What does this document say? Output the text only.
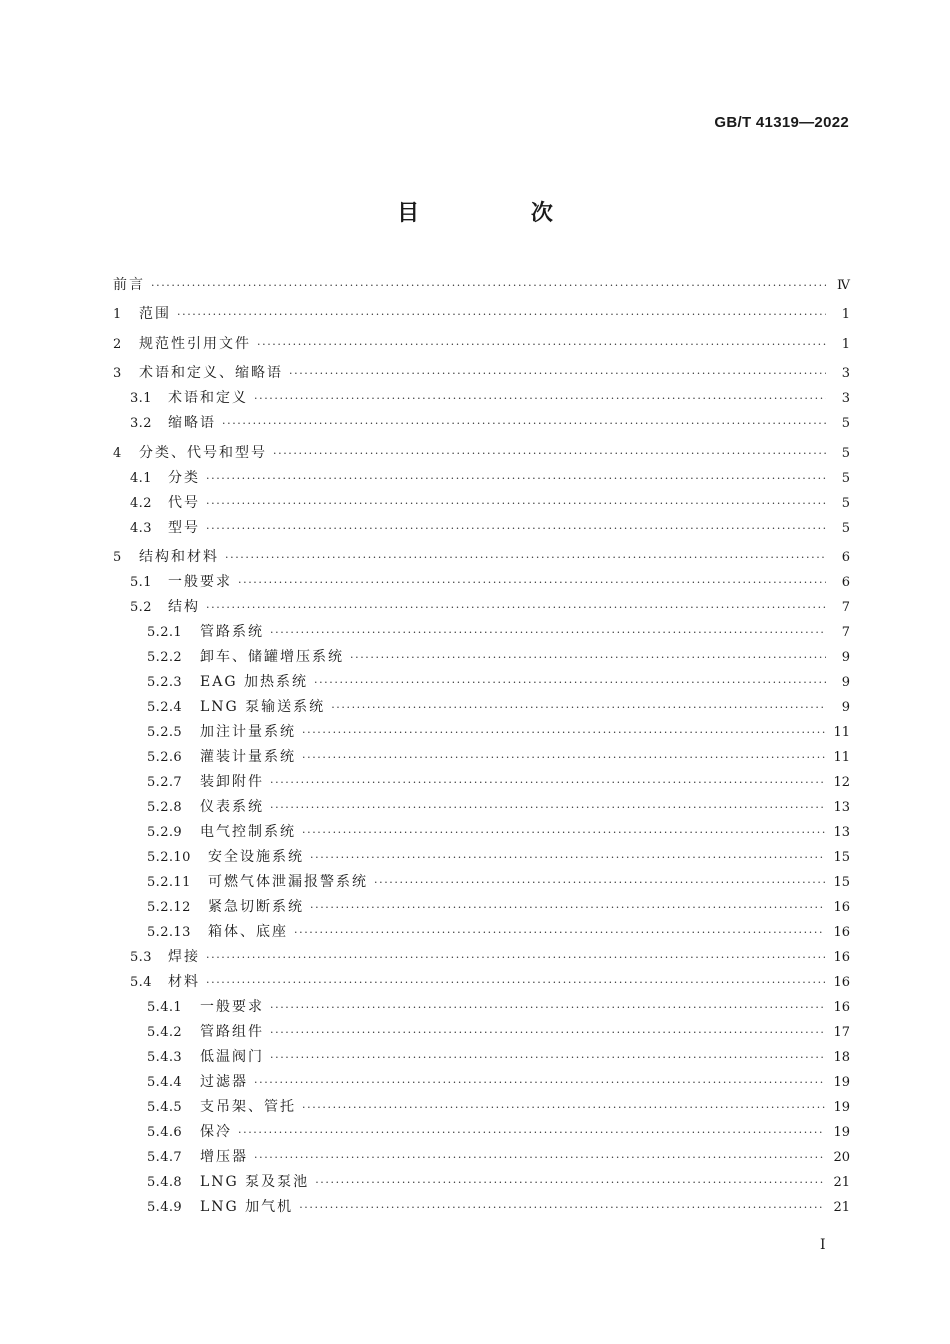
GB/T 41319—2022
目 次
前言 ·····	Ⅳ
1	范围 ·····	1
2	规范性引用文件 ·····	1
3	术语和定义、缩略语 ·····	3
3.1	术语和定义 ·····	3
3.2	缩略语 ·····	5
4	分类、代号和型号 ·····	5
4.1	分类 ·····	5
4.2	代号 ·····	5
4.3	型号 ·····	5
5	结构和材料 ·····	6
5.1	一般要求 ·····	6
5.2	结构 ·····	7
5.2.1	管路系统 ·····	7
5.2.2	卸车、储罐增压系统 ·····	9
5.2.3	EAG 加热系统 ·····	9
5.2.4	LNG 泵输送系统 ·····	9
5.2.5	加注计量系统 ·····	11
5.2.6	灌装计量系统 ·····	11
5.2.7	装卸附件 ·····	12
5.2.8	仪表系统 ·····	13
5.2.9	电气控制系统 ·····	13
5.2.10	安全设施系统 ·····	15
5.2.11	可燃气体泄漏报警系统 ·····	15
5.2.12	紧急切断系统 ·····	16
5.2.13	箱体、底座 ·····	16
5.3	焊接 ·····	16
5.4	材料 ·····	16
5.4.1	一般要求 ·····	16
5.4.2	管路组件 ·····	17
5.4.3	低温阀门 ·····	18
5.4.4	过滤器 ·····	19
5.4.5	支吊架、管托 ·····	19
5.4.6	保冷 ·····	19
5.4.7	增压器 ·····	20
5.4.8	LNG 泵及泵池 ·····	21
5.4.9	LNG 加气机 ·····	21
I
